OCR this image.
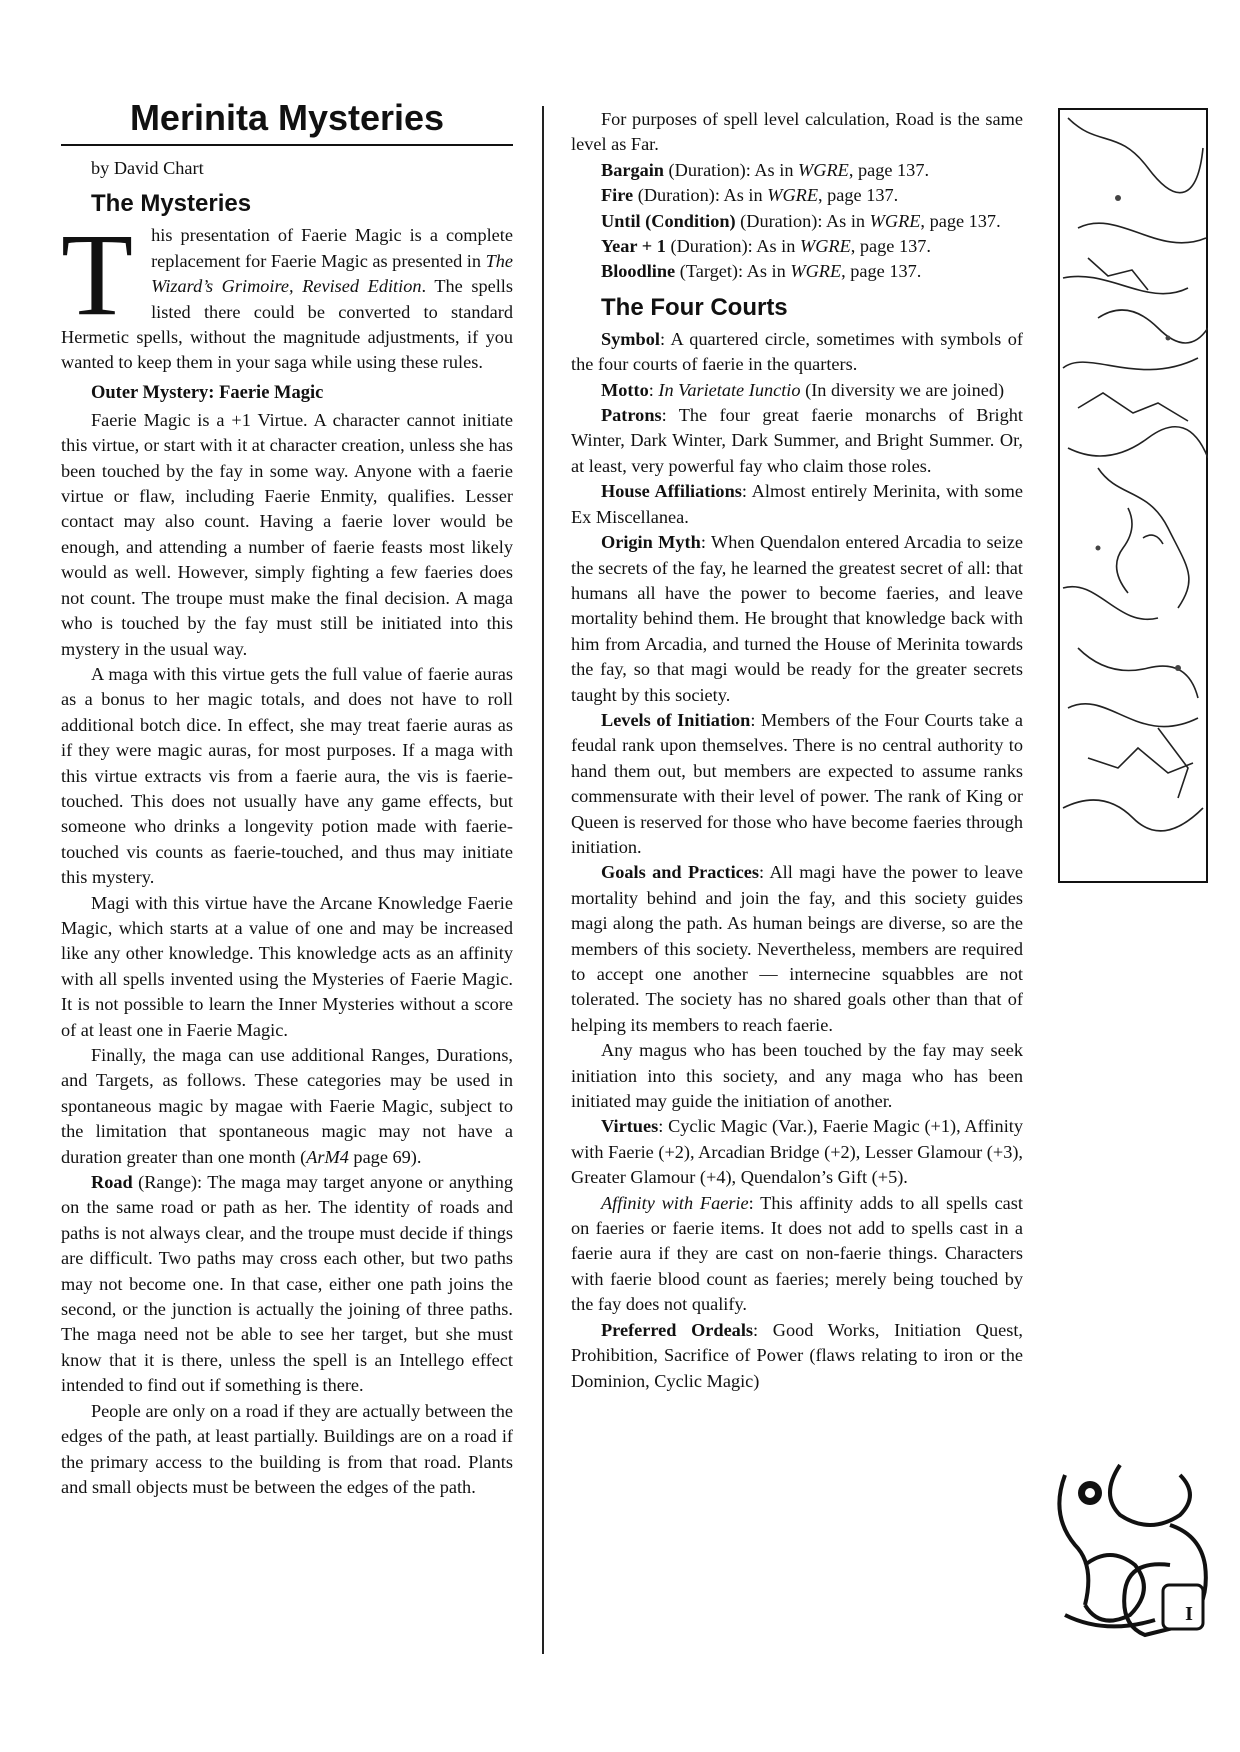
Merinita Mysteries

by David Chart

The Mysteries
T his presentation of Faerie Magic is a complete replacement for Faerie Magic as presented in The Wizard’s Grimoire, Revised Edition. The spells listed there could be converted to standard Hermetic spells, without the magnitude adjustments, if you wanted to keep them in your saga while using these rules.

Outer Mystery: Faerie Magic

Faerie Magic is a +1 Virtue. A character cannot initiate this virtue, or start with it at character creation, unless she has been touched by the fay in some way. Anyone with a faerie virtue or flaw, including Faerie Enmity, qualifies. Lesser contact may also count. Having a faerie lover would be enough, and attending a number of faerie feasts most likely would as well. However, simply fighting a few faeries does not count. The troupe must make the final decision. A maga who is touched by the fay must still be initiated into this mystery in the usual way.

A maga with this virtue gets the full value of faerie auras as a bonus to her magic totals, and does not have to roll additional botch dice. In effect, she may treat faerie auras as if they were magic auras, for most purposes. If a maga with this virtue extracts vis from a faerie aura, the vis is faerie-touched. This does not usually have any game effects, but someone who drinks a longevity potion made with faerie-touched vis counts as faerie-touched, and thus may initiate this mystery.

Magi with this virtue have the Arcane Knowledge Faerie Magic, which starts at a value of one and may be increased like any other knowledge. This knowledge acts as an affinity with all spells invented using the Mysteries of Faerie Magic. It is not possible to learn the Inner Mysteries without a score of at least one in Faerie Magic.

Finally, the maga can use additional Ranges, Durations, and Targets, as follows. These categories may be used in spontaneous magic by magae with Faerie Magic, subject to the limitation that spontaneous magic may not have a duration greater than one month (ArM4 page 69).

Road (Range): The maga may target anyone or anything on the same road or path as her. The identity of roads and paths is not always clear, and the troupe must decide if things are difficult. Two paths may cross each other, but two paths may not become one. In that case, either one path joins the second, or the junction is actually the joining of three paths. The maga need not be able to see her target, but she must know that it is there, unless the spell is an Intellego effect intended to find out if something is there.

People are only on a road if they are actually between the edges of the path, at least partially. Buildings are on a road if the primary access to the building is from that road. Plants and small objects must be between the edges of the path.

For purposes of spell level calculation, Road is the same level as Far.

Bargain (Duration): As in WGRE, page 137.

Fire (Duration): As in WGRE, page 137.

Until (Condition) (Duration): As in WGRE, page 137.

Year + 1 (Duration): As in WGRE, page 137.

Bloodline (Target): As in WGRE, page 137.

The Four Courts

Symbol: A quartered circle, sometimes with symbols of the four courts of faerie in the quarters.

Motto: In Varietate Iunctio (In diversity we are joined)

Patrons: The four great faerie monarchs of Bright Winter, Dark Winter, Dark Summer, and Bright Summer. Or, at least, very powerful fay who claim those roles.

House Affiliations: Almost entirely Merinita, with some Ex Miscellanea.

Origin Myth: When Quendalon entered Arcadia to seize the secrets of the fay, he learned the greatest secret of all: that humans all have the power to become faeries, and leave mortality behind them. He brought that knowledge back with him from Arcadia, and turned the House of Merinita towards the fay, so that magi would be ready for the greater secrets taught by this society.

Levels of Initiation: Members of the Four Courts take a feudal rank upon themselves. There is no central authority to hand them out, but members are expected to assume ranks commensurate with their level of power. The rank of King or Queen is reserved for those who have become faeries through initiation.

Goals and Practices: All magi have the power to leave mortality behind and join the fay, and this society guides magi along the path. As human beings are diverse, so are the members of this society. Nevertheless, members are required to accept one another — internecine squabbles are not tolerated. The society has no shared goals other than that of helping its members to reach faerie.

Any magus who has been touched by the fay may seek initiation into this society, and any maga who has been initiated may guide the initiation of another.

Virtues: Cyclic Magic (Var.), Faerie Magic (+1), Affinity with Faerie (+2), Arcadian Bridge (+2), Lesser Glamour (+3), Greater Glamour (+4), Quendalon’s Gift (+5).

Affinity with Faerie: This affinity adds to all spells cast on faeries or faerie items. It does not add to spells cast in a faerie aura if they are cast on non-faerie things. Characters with faerie blood count as faeries; merely being touched by the fay does not qualify.

Preferred Ordeals: Good Works, Initiation Quest, Prohibition, Sacrifice of Power (flaws relating to iron or the Dominion, Cyclic Magic)

I
